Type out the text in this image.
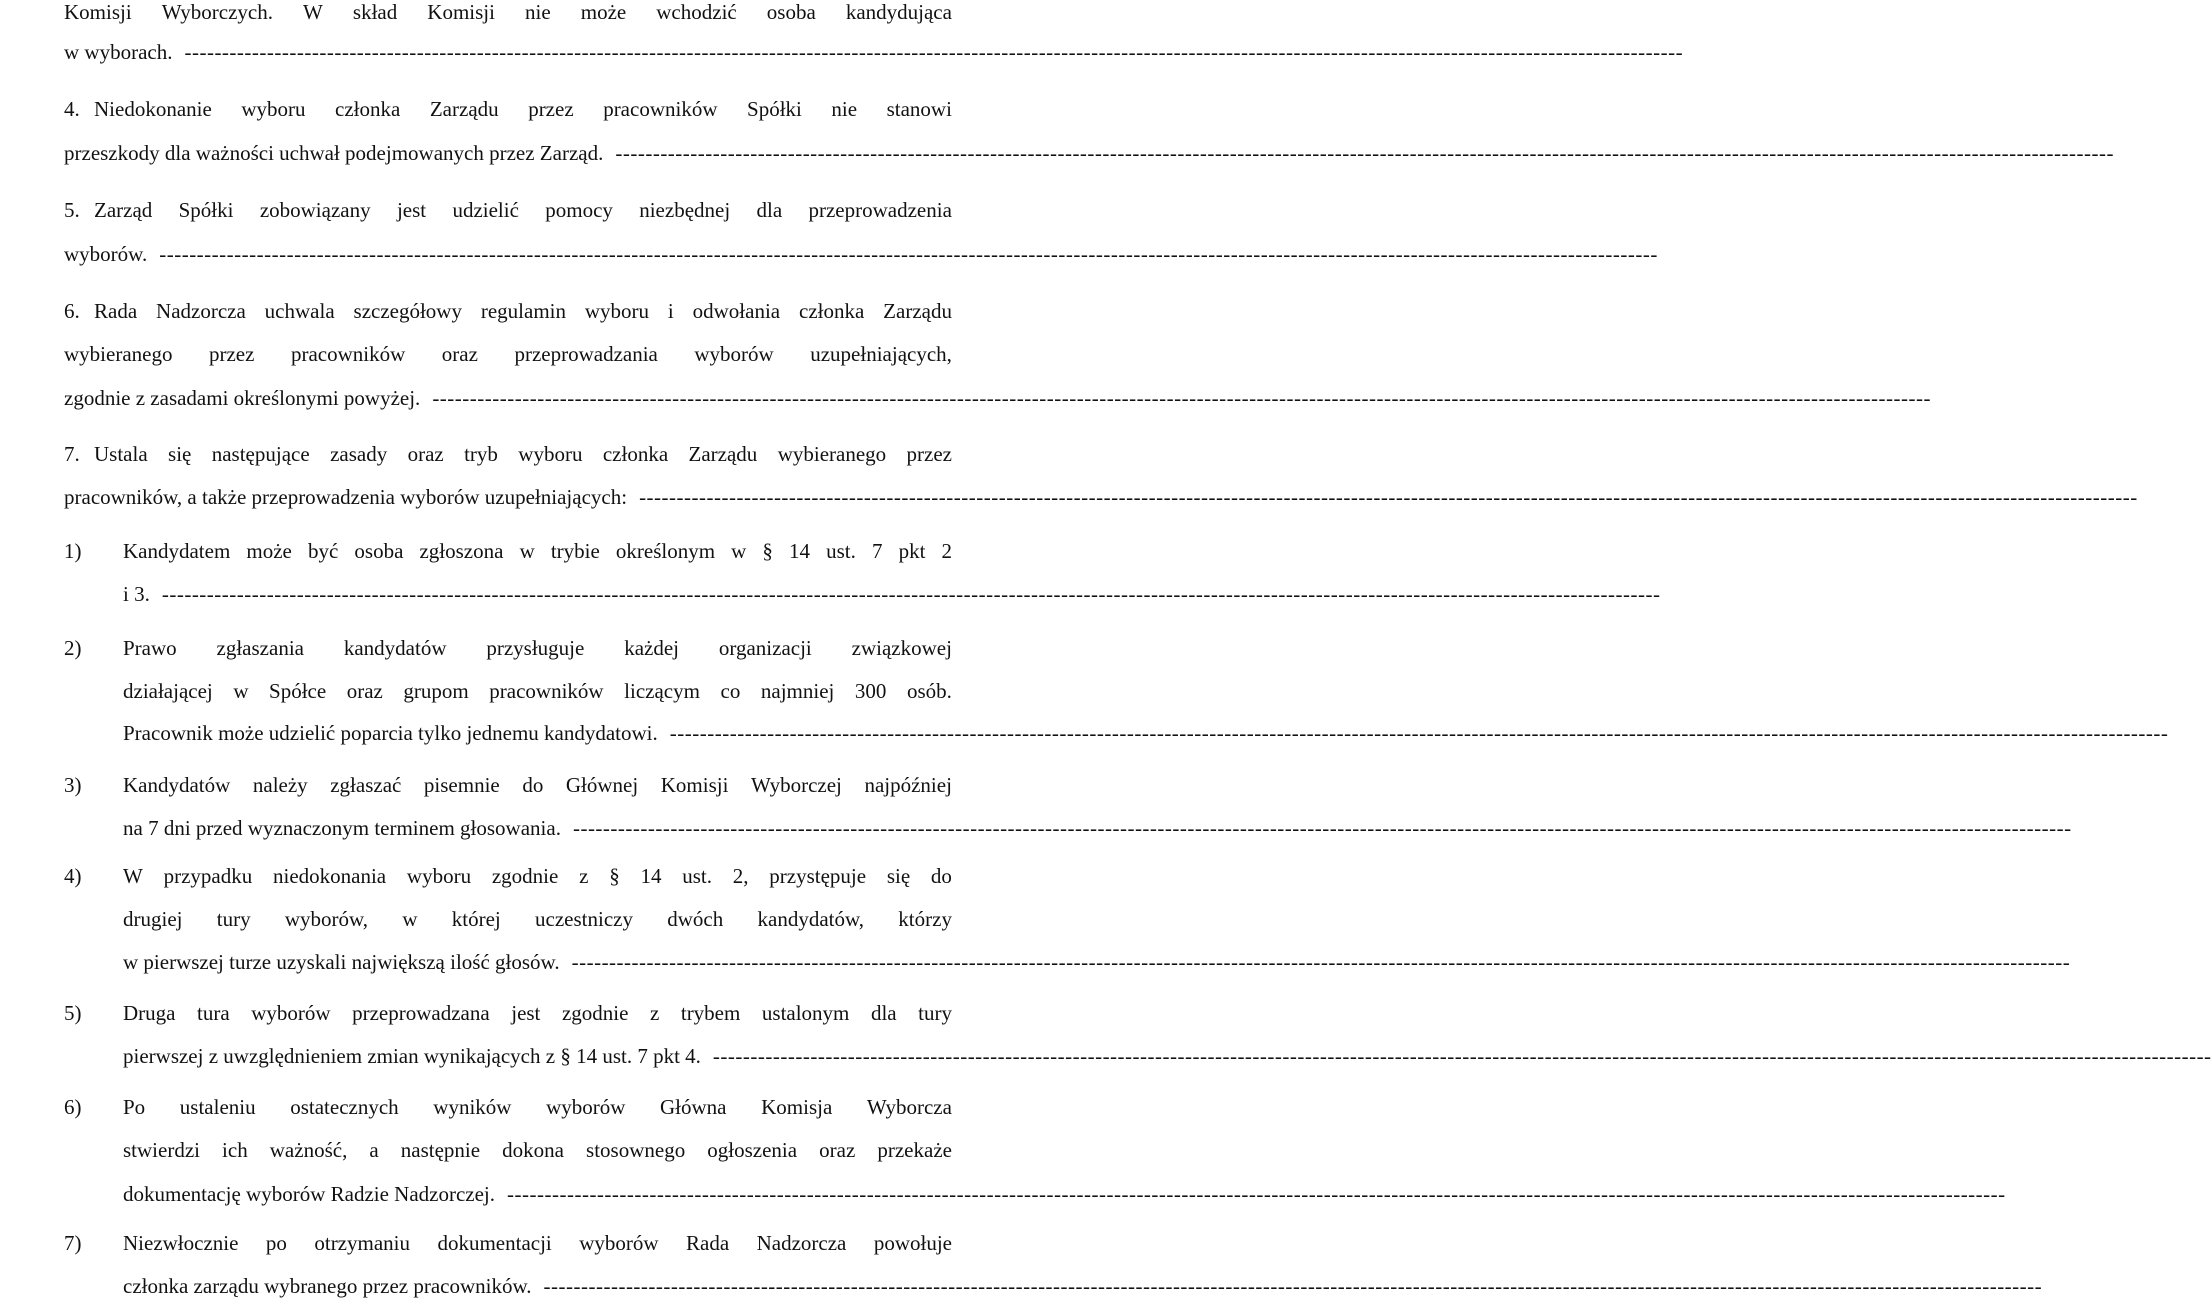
Komisji Wyborczych. W skład Komisji nie może wchodzić osoba kandydująca
w wyborach. --------------------------------------------------------------------------------------------------------------------------------------------------------------------------------------------------------
4. Niedokonanie wyboru członka Zarządu przez pracowników Spółki nie stanowi
przeszkody dla ważności uchwał podejmowanych przez Zarząd. --------------------------------------------------------------------------------------------------------------------------------------------------------------------------------------------------------
5. Zarząd Spółki zobowiązany jest udzielić pomocy niezbędnej dla przeprowadzenia
wyborów. --------------------------------------------------------------------------------------------------------------------------------------------------------------------------------------------------------
6. Rada Nadzorcza uchwala szczegółowy regulamin wyboru i odwołania członka Zarządu
wybieranego przez pracowników oraz przeprowadzania wyborów uzupełniających,
zgodnie z zasadami określonymi powyżej. --------------------------------------------------------------------------------------------------------------------------------------------------------------------------------------------------------
7. Ustala się następujące zasady oraz tryb wyboru członka Zarządu wybieranego przez
pracowników, a także przeprowadzenia wyborów uzupełniających: --------------------------------------------------------------------------------------------------------------------------------------------------------------------------------------------------------
1) Kandydatem może być osoba zgłoszona w trybie określonym w § 14 ust. 7 pkt 2
i 3. --------------------------------------------------------------------------------------------------------------------------------------------------------------------------------------------------------
2) Prawo zgłaszania kandydatów przysługuje każdej organizacji związkowej
działającej w Spółce oraz grupom pracowników liczącym co najmniej 300 osób.
Pracownik może udzielić poparcia tylko jednemu kandydatowi. --------------------------------------------------------------------------------------------------------------------------------------------------------------------------------------------------------
3) Kandydatów należy zgłaszać pisemnie do Głównej Komisji Wyborczej najpóźniej
na 7 dni przed wyznaczonym terminem głosowania. --------------------------------------------------------------------------------------------------------------------------------------------------------------------------------------------------------
4) W przypadku niedokonania wyboru zgodnie z § 14 ust. 2, przystępuje się do
drugiej tury wyborów, w której uczestniczy dwóch kandydatów, którzy
w pierwszej turze uzyskali największą ilość głosów. --------------------------------------------------------------------------------------------------------------------------------------------------------------------------------------------------------
5) Druga tura wyborów przeprowadzana jest zgodnie z trybem ustalonym dla tury
pierwszej z uwzględnieniem zmian wynikających z § 14 ust. 7 pkt 4. --------------------------------------------------------------------------------------------------------------------------------------------------------------------------------------------------------
6) Po ustaleniu ostatecznych wyników wyborów Główna Komisja Wyborcza
stwierdzi ich ważność, a następnie dokona stosownego ogłoszenia oraz przekaże
dokumentację wyborów Radzie Nadzorczej. --------------------------------------------------------------------------------------------------------------------------------------------------------------------------------------------------------
7) Niezwłocznie po otrzymaniu dokumentacji wyborów Rada Nadzorcza powołuje
członka zarządu wybranego przez pracowników. --------------------------------------------------------------------------------------------------------------------------------------------------------------------------------------------------------
